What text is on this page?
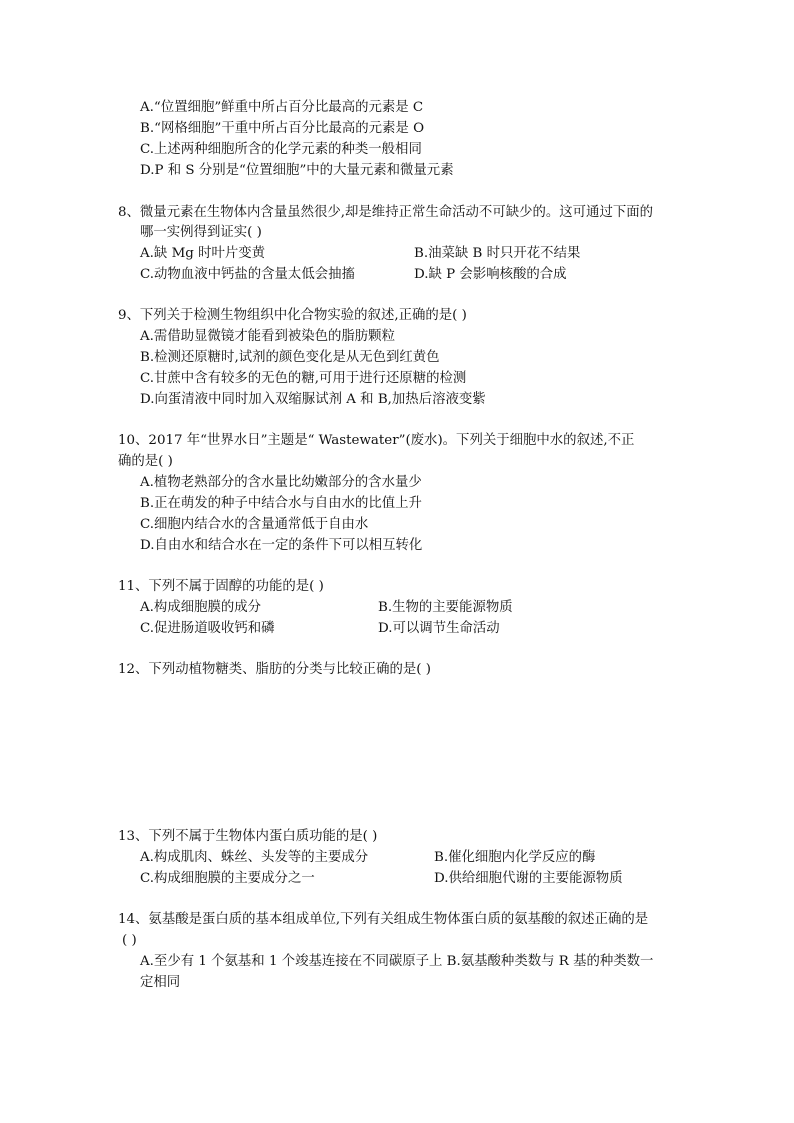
A.“位置细胞”鲜重中所占百分比最高的元素是 C
B.“网格细胞”干重中所占百分比最高的元素是 O
C.上述两种细胞所含的化学元素的种类一般相同
D.P 和 S 分别是“位置细胞”中的大量元素和微量元素
8、微量元素在生物体内含量虽然很少,却是维持正常生命活动不可缺少的。这可通过下面的
哪一实例得到证实( )
A.缺 Mg 时叶片变黄	B.油菜缺 B 时只开花不结果
C.动物血液中钙盐的含量太低会抽搐	D.缺 P 会影响核酸的合成
9、下列关于检测生物组织中化合物实验的叙述,正确的是( )
A.需借助显微镜才能看到被染色的脂肪颗粒
B.检测还原糖时,试剂的颜色变化是从无色到红黄色
C.甘蔗中含有较多的无色的糖,可用于进行还原糖的检测
D.向蛋清液中同时加入双缩脲试剂 A 和 B,加热后溶液变紫
10、2017 年“世界水日”主题是“ Wastewater”(废水)。下列关于细胞中水的叙述,不正
确的是( )
A.植物老熟部分的含水量比幼嫩部分的含水量少
B.正在萌发的种子中结合水与自由水的比值上升
C.细胞内结合水的含量通常低于自由水
D.自由水和结合水在一定的条件下可以相互转化
11、下列不属于固醇的功能的是( )
A.构成细胞膜的成分	B.生物的主要能源物质
C.促进肠道吸收钙和磷	D.可以调节生命活动
12、下列动植物糖类、脂肪的分类与比较正确的是( )
13、下列不属于生物体内蛋白质功能的是( )
A.构成肌肉、蛛丝、头发等的主要成分	B.催化细胞内化学反应的酶
C.构成细胞膜的主要成分之一	D.供给细胞代谢的主要能源物质
14、氨基酸是蛋白质的基本组成单位,下列有关组成生物体蛋白质的氨基酸的叙述正确的是
( )
A.至少有 1 个氨基和 1 个竣基连接在不同碳原子上 B.氨基酸种类数与 R 基的种类数一
定相同
